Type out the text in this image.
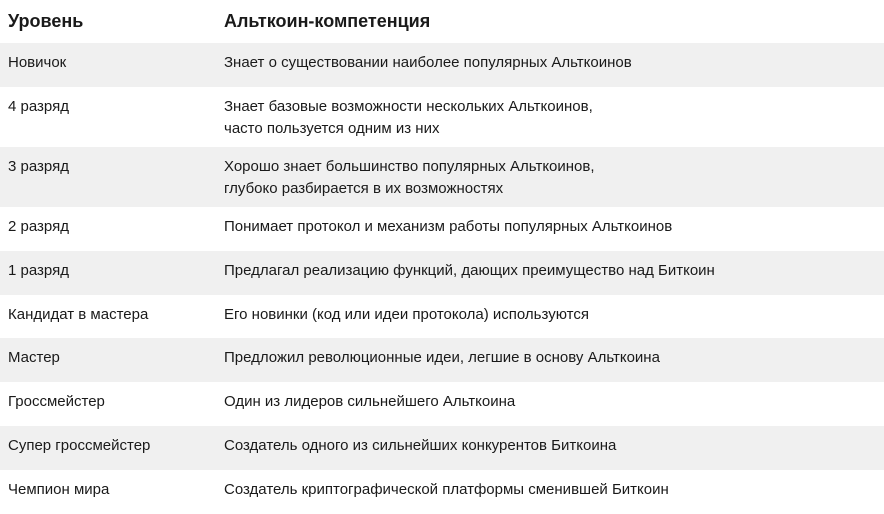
Уровень	Альткоин-компетенция
Новичок	Знает о существовании наиболее популярных Альткоинов

4 разряд	Знает базовые возможности нескольких Альткоинов,
часто пользуется одним из них

3 разряд	Хорошо знает большинство популярных Альткоинов,
глубоко разбирается в их возможностях

2 разряд	Понимает протокол и механизм работы популярных Альткоинов

1 разряд	Предлагал реализацию функций, дающих преимущество над Биткоин

Кандидат в мастера	Его новинки (код или идеи протокола) используются

Мастер	Предложил революционные идеи, легшие в основу Альткоина

Гроссмейстер	Один из лидеров сильнейшего Альткоина

Супер гроссмейстер	Создатель одного из сильнейших конкурентов Биткоина

Чемпион мира	Создатель криптографической платформы сменившей Биткоин
